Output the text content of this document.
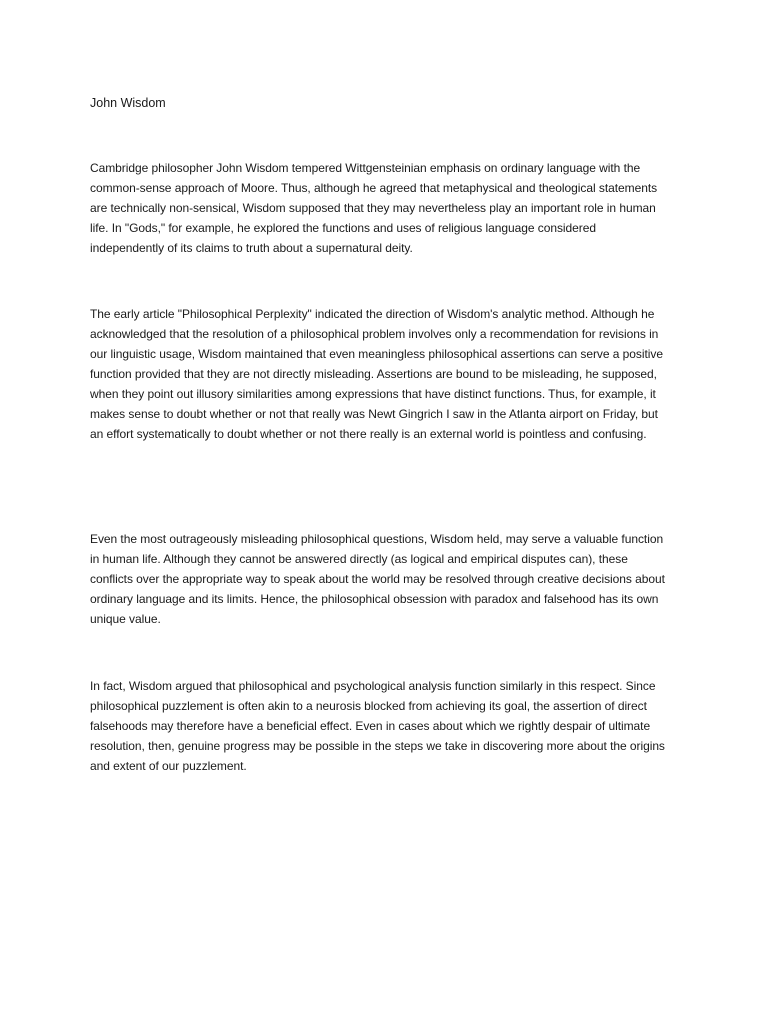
John Wisdom

Cambridge philosopher John Wisdom tempered Wittgensteinian emphasis on ordinary language with the common-sense approach of Moore. Thus, although he agreed that metaphysical and theological statements are technically non-sensical, Wisdom supposed that they may nevertheless play an important role in human life. In "Gods," for example, he explored the functions and uses of religious language considered independently of its claims to truth about a supernatural deity.

The early article "Philosophical Perplexity" indicated the direction of Wisdom's analytic method. Although he acknowledged that the resolution of a philosophical problem involves only a recommendation for revisions in our linguistic usage, Wisdom maintained that even meaningless philosophical assertions can serve a positive function provided that they are not directly misleading. Assertions are bound to be misleading, he supposed, when they point out illusory similarities among expressions that have distinct functions. Thus, for example, it makes sense to doubt whether or not that really was Newt Gingrich I saw in the Atlanta airport on Friday, but an effort systematically to doubt whether or not there really is an external world is pointless and confusing.

Even the most outrageously misleading philosophical questions, Wisdom held, may serve a valuable function in human life. Although they cannot be answered directly (as logical and empirical disputes can), these conflicts over the appropriate way to speak about the world may be resolved through creative decisions about ordinary language and its limits. Hence, the philosophical obsession with paradox and falsehood has its own unique value.

In fact, Wisdom argued that philosophical and psychological analysis function similarly in this respect. Since philosophical puzzlement is often akin to a neurosis blocked from achieving its goal, the assertion of direct falsehoods may therefore have a beneficial effect. Even in cases about which we rightly despair of ultimate resolution, then, genuine progress may be possible in the steps we take in discovering more about the origins and extent of our puzzlement.
